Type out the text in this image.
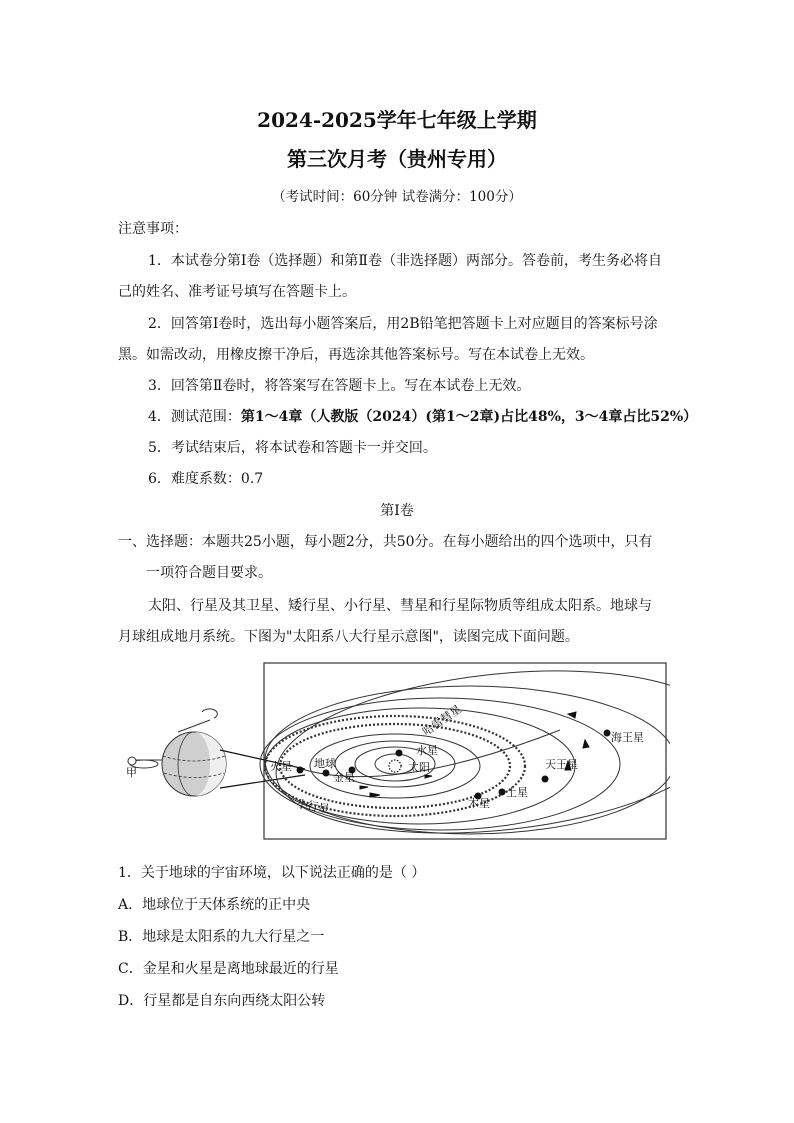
2024-2025学年七年级上学期
第三次月考（贵州专用）
（考试时间：60分钟 试卷满分：100分）
注意事项：
1．本试卷分第Ⅰ卷（选择题）和第Ⅱ卷（非选择题）两部分。答卷前，考生务必将自
己的姓名、准考证号填写在答题卡上。
2．回答第Ⅰ卷时，选出每小题答案后，用2B铅笔把答题卡上对应题目的答案标号涂
黑。如需改动，用橡皮擦干净后，再选涂其他答案标号。写在本试卷上无效。
3．回答第Ⅱ卷时，将答案写在答题卡上。写在本试卷上无效。
4．测试范围：第1～4章（人教版（2024）(第1～2章)占比48%，3～4章占比52%）
5．考试结束后，将本试卷和答题卡一并交回。
6．难度系数：0.7
第Ⅰ卷
一、选择题：本题共25小题，每小题2分，共50分。在每小题给出的四个选项中，只有
一项符合题目要求。
太阳、行星及其卫星、矮行星、小行星、彗星和行星际物质等组成太阳系。地球与
月球组成地月系统。下图为"太阳系八大行星示意图"，读图完成下面问题。
甲	火星 地球
金星
水星
太阳
哈雷彗星
小行星	木星
土星
天王星
海王星
1．关于地球的宇宙环境，以下说法正确的是（ ）
A．地球位于天体系统的正中央
B．地球是太阳系的九大行星之一
C．金星和火星是离地球最近的行星
D．行星都是自东向西绕太阳公转
